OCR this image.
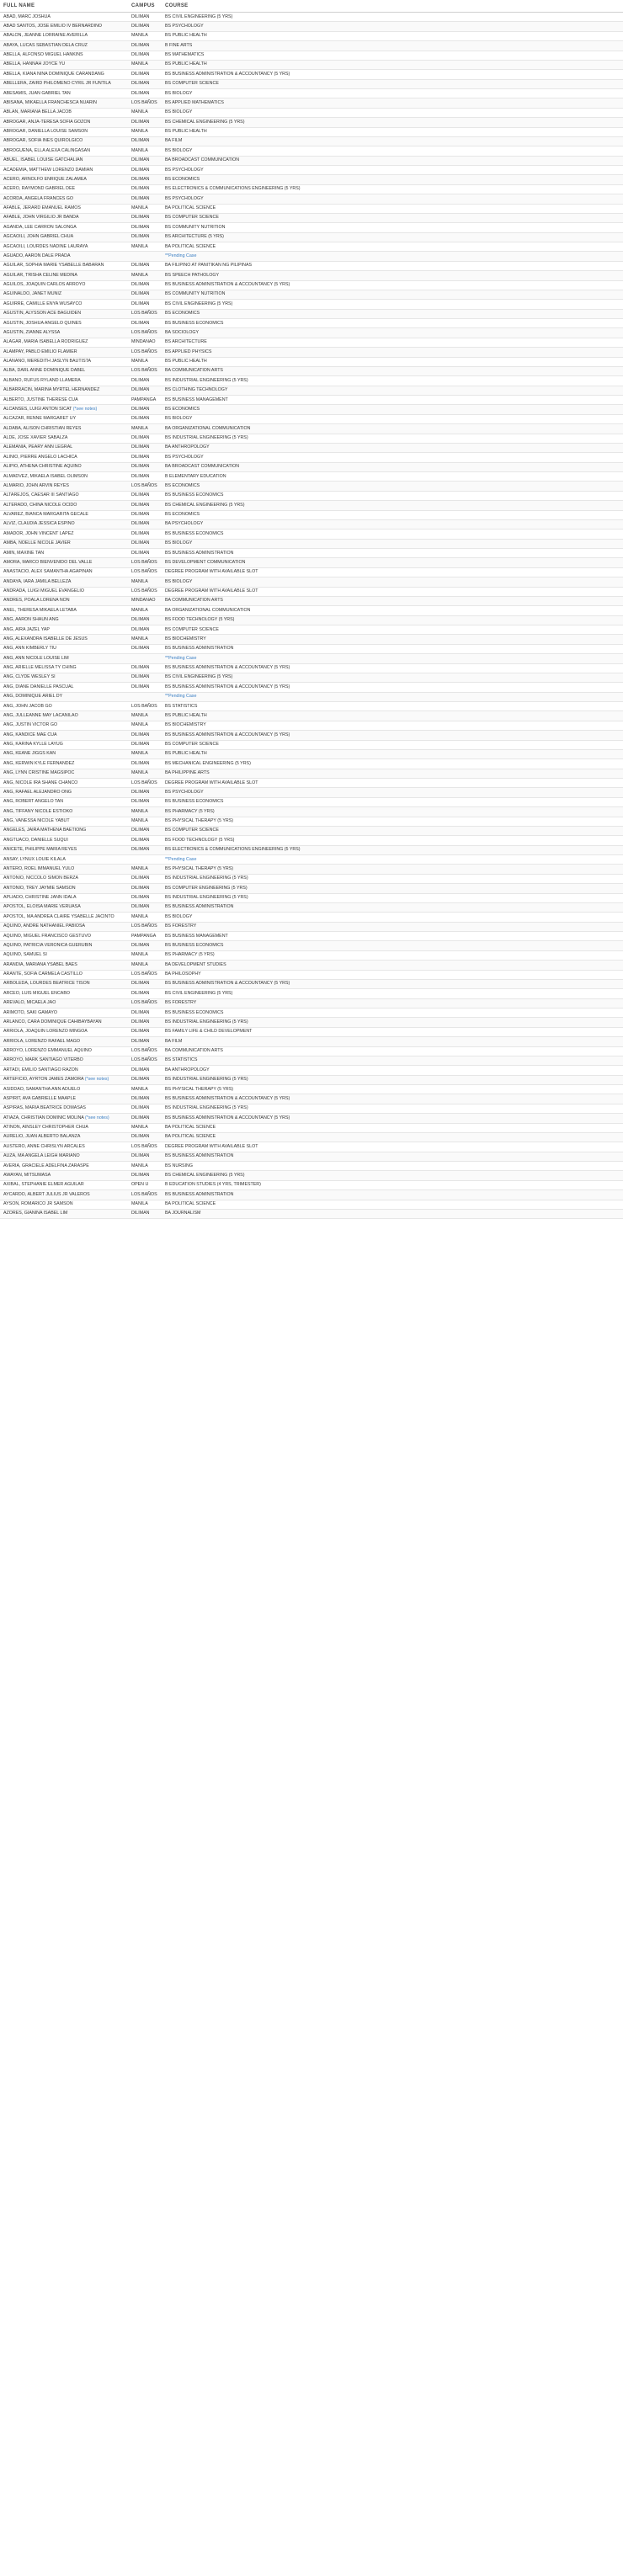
FULL NAME	CAMPUS	COURSE
ABAD, MARC JOSHUA	DILIMAN	BS CIVIL ENGINEERING (5 YRS)
ABAD SANTOS, JOSE EMILIO IV BERNARDINO	DILIMAN	BS PSYCHOLOGY
ABALON, JEANNE LORRAINE AVERILLA	MANILA	BS PUBLIC HEALTH
ABAYA, LUCAS SEBASTIAN DELA CRUZ	DILIMAN	B FINE ARTS
ABELLA, ALFONSO MIGUEL HANKINS	DILIMAN	BS MATHEMATICS
ABELLA, HANNAH JOYCE YU	MANILA	BS PUBLIC HEALTH
ABELLA, KIANA NINA DOMINIQUE CARANDANG	DILIMAN	BS BUSINESS ADMINISTRATION & ACCOUNTANCY (5 YRS)
ABELLERA, ZAIRD PHILOMENO CYRIL JR FUNTILA	DILIMAN	BS COMPUTER SCIENCE
ABESAMIS, JUAN GABRIEL TAN	DILIMAN	BS BIOLOGY
ABISANA, MIKAELLA FRANCHESCA NUARIN	LOS BAÑOS	BS APPLIED MATHEMATICS
ABLAN, MARIANA BELLA JACOB	MANILA	BS BIOLOGY
ABROGAR, ANJA-TERESA SOFIA GOZON	DILIMAN	BS CHEMICAL ENGINEERING (5 YRS)
ABROGAR, DANIELLA LOUISE SAMSON	MANILA	BS PUBLIC HEALTH
ABROGAR, SOFIA INES QUIROLGICO	DILIMAN	BA FILM
ABROGUENA, ELLA ALEXA CALINGASAN	MANILA	BS BIOLOGY
ABUEL, ISABEL LOUISE GATCHALIAN	DILIMAN	BA BROADCAST COMMUNICATION
ACADEMIA, MATTHEW LORENZO DAMIAN	DILIMAN	BS PSYCHOLOGY
ACERO, ARNOLFO ENRIQUE ZALAMEA	DILIMAN	BS ECONOMICS
ACERO, RAYMOND GABRIEL DEE	DILIMAN	BS ELECTRONICS & COMMUNICATIONS ENGINEERING (5 YRS)
ACORDA, ANGELA FRANCES GO	DILIMAN	BS PSYCHOLOGY
AFABLE, JERARD EMANUEL RAMOS	MANILA	BA POLITICAL SCIENCE
AFABLE, JOHN VIRGILIO JR BANDA	DILIMAN	BS COMPUTER SCIENCE
AGANDA, LEE CARRON SALONGA	DILIMAN	BS COMMUNITY NUTRITION
AGCAOILI, JOHN GABRIEL CHUA	DILIMAN	BS ARCHITECTURE (5 YRS)
AGCAOILI, LOURDES NADINE LAURAYA	MANILA	BA POLITICAL SCIENCE
AGUADO, AARON DALE PRADA		**Pending Case
AGUILAR, SOPHIA MARIE YSABELLE BABARAN	DILIMAN	BA FILIPINO AT PANITIKAN NG PILIPINAS
AGUILAR, TRISHA CELINE MEDINA	MANILA	BS SPEECH PATHOLOGY
AGUILOS, JOAQUIN CARLOS ARROYO	DILIMAN	BS BUSINESS ADMINISTRATION & ACCOUNTANCY (5 YRS)
AGUINALDO, JANET MUNIZ	DILIMAN	BS COMMUNITY NUTRITION
AGUIRRE, CAMILLE ENYA WUSAYCO	DILIMAN	BS CIVIL ENGINEERING (5 YRS)
AGUSTIN, ALYSSON ACE BAGUIDEN	LOS BAÑOS	BS ECONOMICS
AGUSTIN, JOSHUA ANGELO QUINES	DILIMAN	BS BUSINESS ECONOMICS
AGUSTIN, ZIANNE ALYSSA	LOS BAÑOS	BA SOCIOLOGY
ALAGAR, MARIA ISABELLA RODRIGUEZ	MINDANAO	BS ARCHITECTURE
ALAMPAY, PABLO EMILIO FLAMIER	LOS BAÑOS	BS APPLIED PHYSICS
ALANANO, MEREDITH JASLYN BAUTISTA	MANILA	BS PUBLIC HEALTH
ALBA, DARL ANNE DOMINIQUE DABEL	LOS BAÑOS	BA COMMUNICATION ARTS
ALBANO, RUFUS RYLAND LLAMERA	DILIMAN	BS INDUSTRIAL ENGINEERING (5 YRS)
ALBARRACIN, MARINA MYRTEL HERNANDEZ	DILIMAN	BS CLOTHING TECHNOLOGY
ALBERTO, JUSTINE THERESE CUA	PAMPANGA	BS BUSINESS MANAGEMENT
ALCANSES, LUIGI ANTON SICAT (*see notes)	DILIMAN	BS ECONOMICS
ALCAZAR, RENNE MARGARET UY	DILIMAN	BS BIOLOGY
ALDABA, ALISON CHRISTIAN REYES	MANILA	BA ORGANIZATIONAL COMMUNICATION
ALDE, JOSE XAVIER SABALZA	DILIMAN	BS INDUSTRIAL ENGINEERING (5 YRS)
ALEMANIA, PEARY ANN LEGRAL	DILIMAN	BA ANTHROPOLOGY
ALINIO, PIERRE ANGELO LACHICA	DILIMAN	BS PSYCHOLOGY
ALIPIO, ATHENA CHRISTINE AQUINO	DILIMAN	BA BROADCAST COMMUNICATION
ALMADVEZ, MIKAELA ISABEL OLIMSON	DILIMAN	B ELEMENTARY EDUCATION
ALMARIO, JOHN ARVIN REYES	LOS BAÑOS	BS ECONOMICS
ALTAREJOS, CAESAR III SANTIAGO	DILIMAN	BS BUSINESS ECONOMICS
ALTERADO, CHINA NICOLE OCIDO	DILIMAN	BS CHEMICAL ENGINEERING (5 YRS)
ALVAREZ, BIANCA MARGARITA GECALE	DILIMAN	BS ECONOMICS
ALVIZ, CLAUDIA JESSICA ESPINO	DILIMAN	BA PSYCHOLOGY
AMADOR, JOHN VINCENT LAPEZ	DILIMAN	BS BUSINESS ECONOMICS
AMBA, NOELLE NICOLE JAVIER	DILIMAN	BS BIOLOGY
AMIN, MAXINE TAN	DILIMAN	BS BUSINESS ADMINISTRATION
AMORA, MARCO BIENVENIDO DEL VALLE	LOS BAÑOS	BS DEVELOPMENT COMMUNICATION
ANASTACIO, ALEX SAMANTHA AGAPINAN	LOS BAÑOS	DEGREE PROGRAM WITH AVAILABLE SLOT
ANDAYA, IARA JAMILA BELLEZA	MANILA	BS BIOLOGY
ANDRADA, LUIGI MIGUEL EVANGELIO	LOS BAÑOS	DEGREE PROGRAM WITH AVAILABLE SLOT
ANDRES, POALA LORENA NON	MINDANAO	BA COMMUNICATION ARTS
ANEL, THERESA MIKAELA LETABA	MANILA	BA ORGANIZATIONAL COMMUNICATION
ANG, AARON SHAUN ANG	DILIMAN	BS FOOD TECHNOLOGY (5 YRS)
ANG, AIRA JAZEL YAP	DILIMAN	BS COMPUTER SCIENCE
ANG, ALEXANDRA ISABELLE DE JESUS	MANILA	BS BIOCHEMISTRY
ANG, ANN KIMBERLY TIU	DILIMAN	BS BUSINESS ADMINISTRATION
ANG, ANN NICOLE LOUISE LIM		**Pending Case
ANG, ARIELLE MELISSA TY CHING	DILIMAN	BS BUSINESS ADMINISTRATION & ACCOUNTANCY (5 YRS)
ANG, CLYDE WESLEY SI	DILIMAN	BS CIVIL ENGINEERING (5 YRS)
ANG, DIANE DANIELLE PASCUAL	DILIMAN	BS BUSINESS ADMINISTRATION & ACCOUNTANCY (5 YRS)
ANG, DOMINIQUE ARIEL DY		**Pending Case
ANG, JOHN JACOB GO	LOS BAÑOS	BS STATISTICS
ANG, JULLEANNE MAY LACANILAO	MANILA	BS PUBLIC HEALTH
ANG, JUSTIN VICTOR GO	MANILA	BS BIOCHEMISTRY
ANG, KANDICE MAE CUA	DILIMAN	BS BUSINESS ADMINISTRATION & ACCOUNTANCY (5 YRS)
ANG, KARINA KYLLE LAYUG	DILIMAN	BS COMPUTER SCIENCE
ANG, KEANE JIGGS KAN	MANILA	BS PUBLIC HEALTH
ANG, KERWIN KYLE FERNANDEZ	DILIMAN	BS MECHANICAL ENGINEERING (5 YRS)
ANG, LYNN CRISTINE MAGSIPOC	MANILA	BA PHILIPPINE ARTS
ANG, NICOLE IRA SHANE CHANCO	LOS BAÑOS	DEGREE PROGRAM WITH AVAILABLE SLOT
ANG, RAFAEL ALEJANDRO ONG	DILIMAN	BS PSYCHOLOGY
ANG, ROBERT ANGELO TAN	DILIMAN	BS BUSINESS ECONOMICS
ANG, TIFFANY NICOLE ESTIOKO	MANILA	BS PHARMACY (5 YRS)
ANG, VANESSA NICOLE YABUT	MANILA	BS PHYSICAL THERAPY (5 YRS)
ANGELES, JAIRA MATHENA BAETIONG	DILIMAN	BS COMPUTER SCIENCE
ANGTUACO, DANIELLE SUQUI	DILIMAN	BS FOOD TECHNOLOGY (5 YRS)
ANICETE, PHILIPPE MARIA REYES	DILIMAN	BS ELECTRONICS & COMMUNICATIONS ENGINEERING (5 YRS)
ANSAY, LYNUX LOUIE KILALA		**Pending Case
ANTERO, ROEL IMMANUEL YULO	MANILA	BS PHYSICAL THERAPY (5 YRS)
ANTONIO, NICCOLO SIMON BERZA	DILIMAN	BS INDUSTRIAL ENGINEERING (5 YRS)
ANTONIO, TREY JAYMIE SAMSON	DILIMAN	BS COMPUTER ENGINEERING (5 YRS)
APLIADO, CHRISTINE JANN IDALA	DILIMAN	BS INDUSTRIAL ENGINEERING (5 YRS)
APOSTOL, ELOISA MARIE VERUASA	DILIMAN	BS BUSINESS ADMINISTRATION
APOSTOL, MA ANDREA CLAIRE YSABELLE JACINTO	MANILA	BS BIOLOGY
AQUINO, ANDRE NATHANIEL PABIOSA	LOS BAÑOS	BS FORESTRY
AQUINO, MIGUEL FRANCISCO GESTUVO	PAMPANGA	BS BUSINESS MANAGEMENT
AQUINO, PATRICIA VERONICA GUERUBIN	DILIMAN	BS BUSINESS ECONOMICS
AQUINO, SAMUEL SI	MANILA	BS PHARMACY (5 YRS)
ARANDIA, MARIANA YSABEL BAES	MANILA	BA DEVELOPMENT STUDIES
ARANTE, SOFIA CARMELA CASTILLO	LOS BAÑOS	BA PHILOSOPHY
ARBOLEDA, LOURDES BEATRICE TISON	DILIMAN	BS BUSINESS ADMINISTRATION & ACCOUNTANCY (5 YRS)
ARCEO, LUIS MIGUEL ENCABO	DILIMAN	BS CIVIL ENGINEERING (5 YRS)
AREVALO, MICAELA JAO	LOS BAÑOS	BS FORESTRY
ARIMOTO, SAKI GAMAYO	DILIMAN	BS BUSINESS ECONOMICS
ARLANCO, CARA DOMINIQUE CAHIBAYBAYAN	DILIMAN	BS INDUSTRIAL ENGINEERING (5 YRS)
ARRIOLA, JOAQUIN LORENZO MINGOA	DILIMAN	BS FAMILY LIFE & CHILD DEVELOPMENT
ARRIOLA, LORENZO RAFAEL MAGO	DILIMAN	BA FILM
ARROYO, LORENZO EMMANUEL AQUINO	LOS BAÑOS	BA COMMUNICATION ARTS
ARROYO, MARK SANTIAGO VITERBO	LOS BAÑOS	BS STATISTICS
ARTADI, EMILIO SANTIAGO RAZON	DILIMAN	BA ANTHROPOLOGY
ARTEFICIO, AYRTON JAMES ZAMORA (*see notes)	DILIMAN	BS INDUSTRIAL ENGINEERING (5 YRS)
ASIDDAO, SAMANTHA ANN ADUELO	MANILA	BS PHYSICAL THERAPY (5 YRS)
ASPIRIT, AVA GABRIELLE MAAPLE	DILIMAN	BS BUSINESS ADMINISTRATION & ACCOUNTANCY (5 YRS)
ASPIRAS, MARIA BEATRICE DOMASAS	DILIMAN	BS INDUSTRIAL ENGINEERING (5 YRS)
ATIAZA, CHRISTIAN DOMINIC MOLINA (*see notes)	DILIMAN	BS BUSINESS ADMINISTRATION & ACCOUNTANCY (5 YRS)
ATINON, AINSLEY CHRISTOPHER CHUA	MANILA	BA POLITICAL SCIENCE
AURELIO, JUAN ALBERTO BALANZA	DILIMAN	BA POLITICAL SCIENCE
AUSTERO, ANNE CHRISLYN ARCALES	LOS BAÑOS	DEGREE PROGRAM WITH AVAILABLE SLOT
AUZA, MA ANGELA LEIGH MARIANO	DILIMAN	BS BUSINESS ADMINISTRATION
AVERIA, GRACIELE ADELFINA ZARASPE	MANILA	BS NURSING
AWAYAN, MITSUMASA	DILIMAN	BS CHEMICAL ENGINEERING (5 YRS)
AXIBAL, STEPHANIE ELMER AGUILAR	OPEN U	B EDUCATION STUDIES (4 YRS, TRIMESTER)
AYCARDO, ALBERT JULIUS JR VALEROS	LOS BAÑOS	BS BUSINESS ADMINISTRATION
AYSON, ROMARICO JR SAMSON	MANILA	BA POLITICAL SCIENCE
AZORES, GIANINA ISABEL LIM	DILIMAN	BA JOURNALISM
